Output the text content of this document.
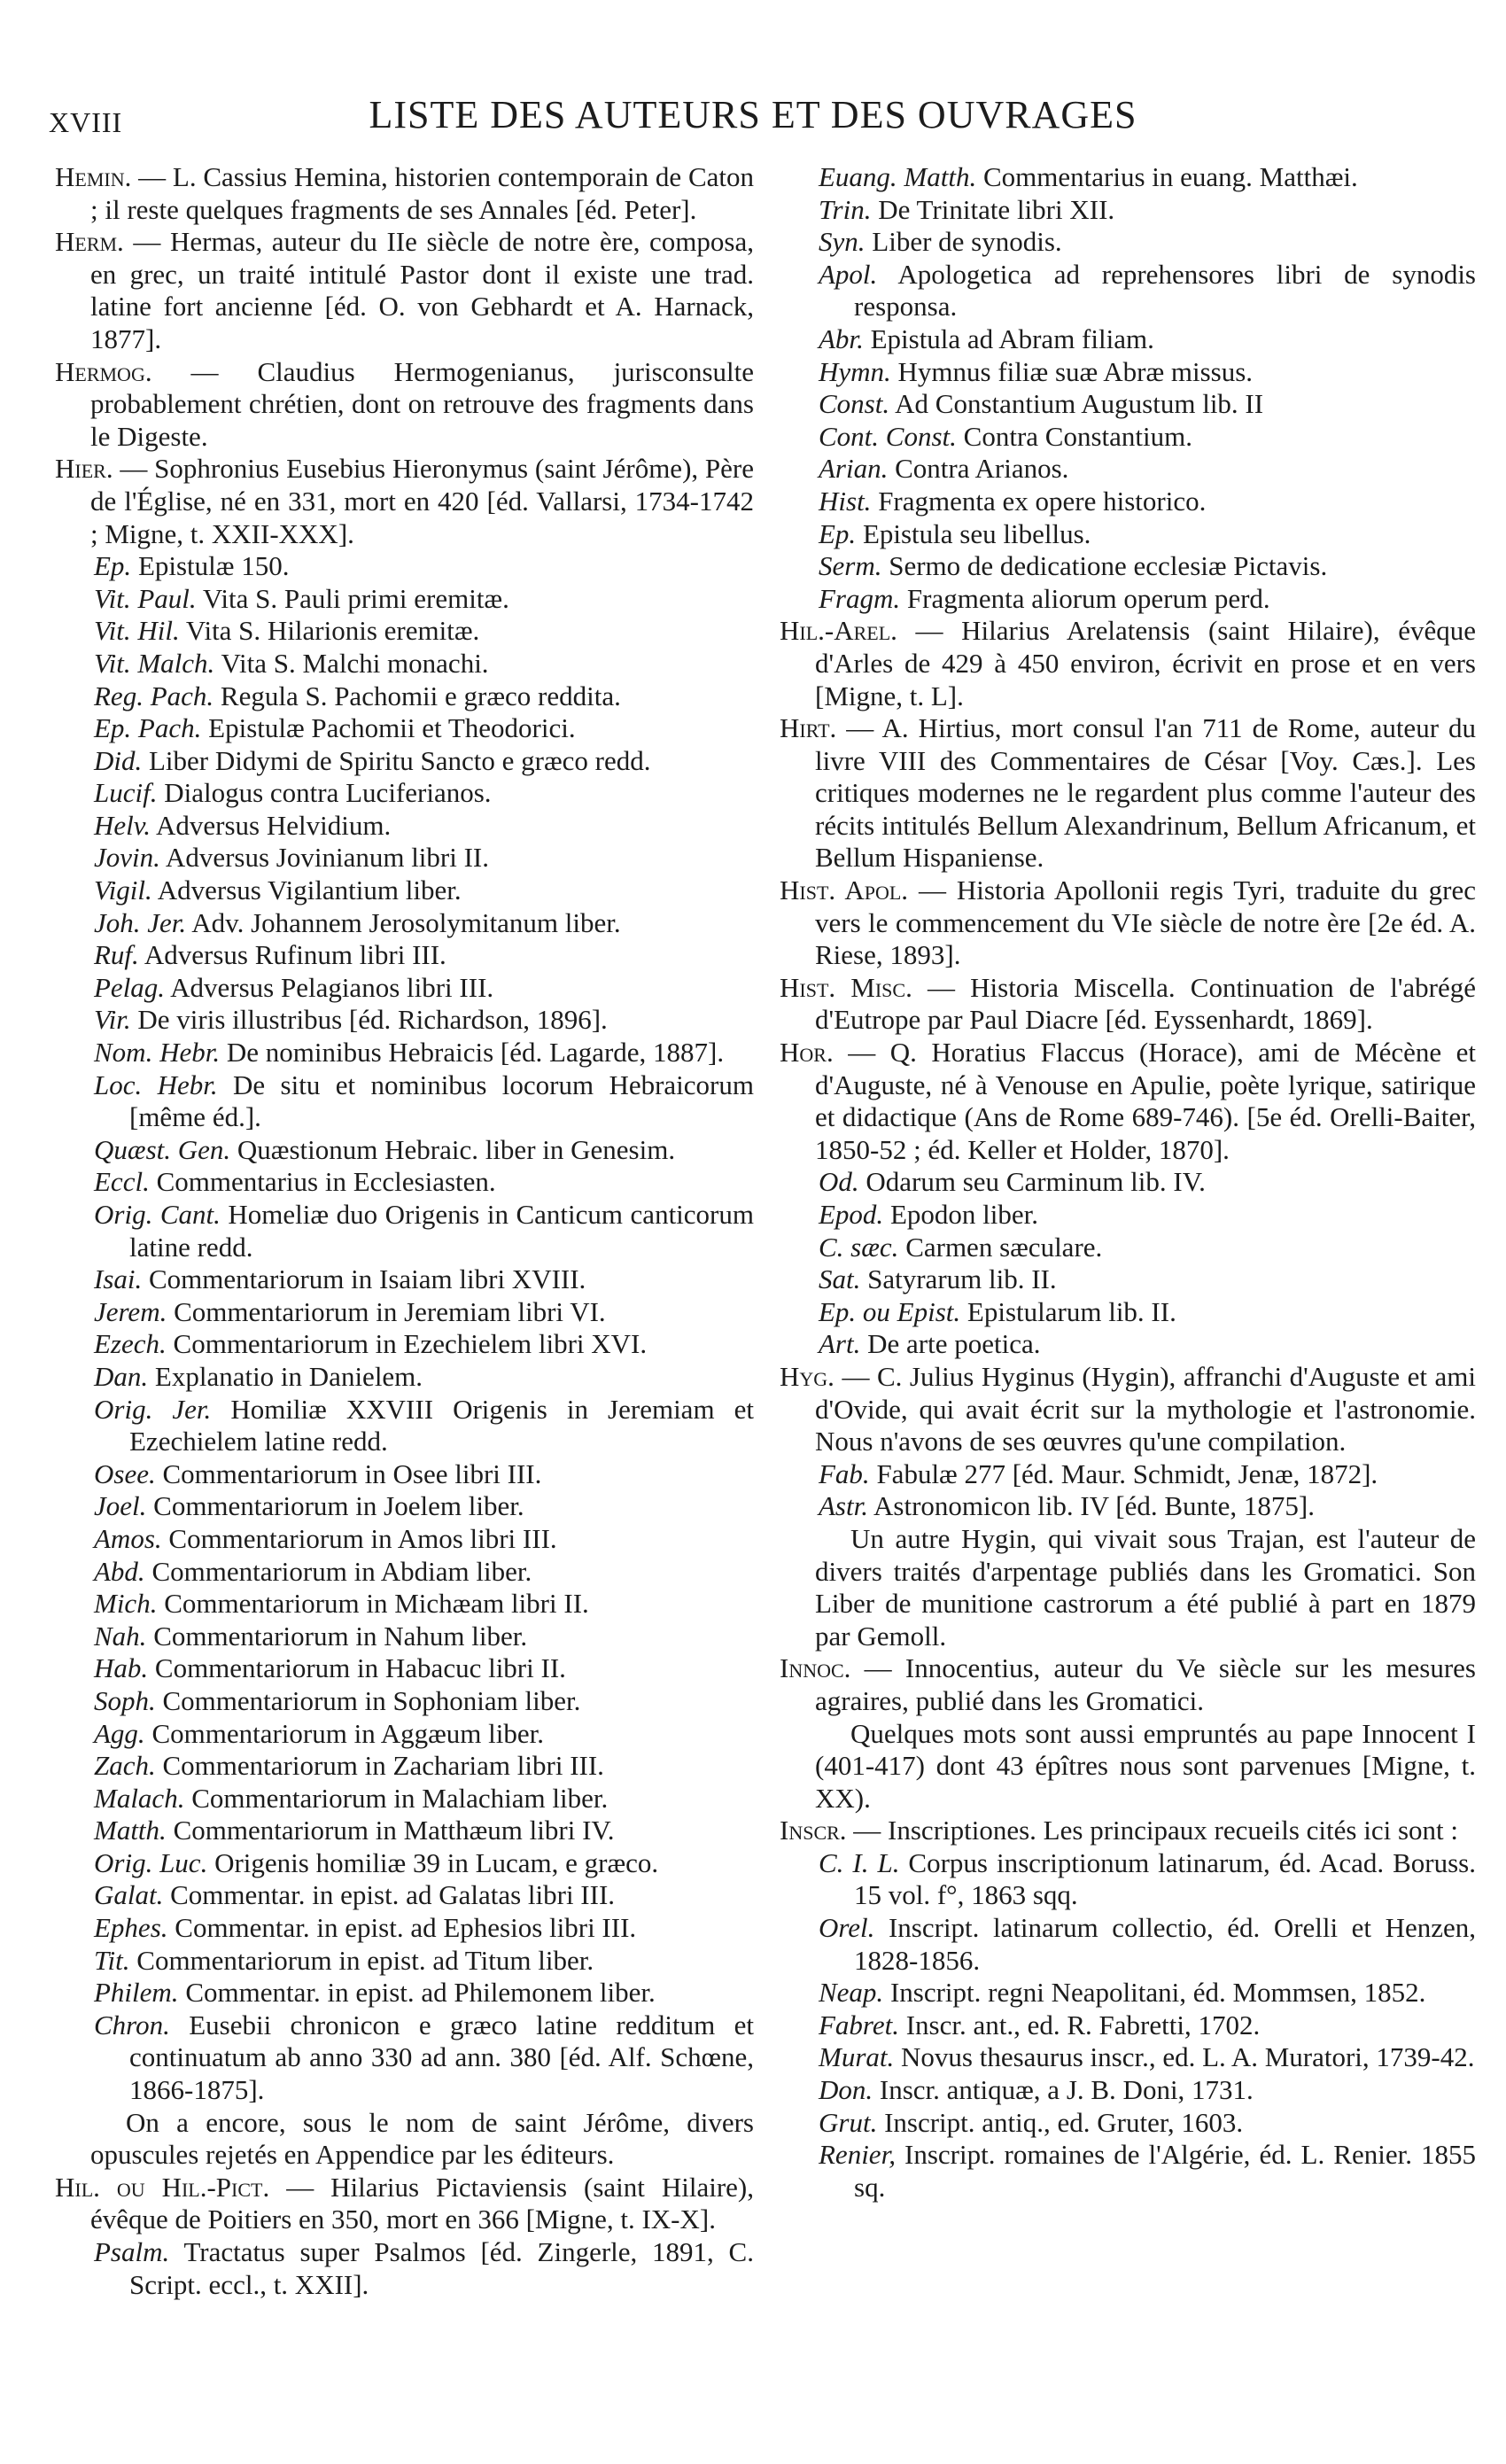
XVIII	LISTE DES AUTEURS ET DES OUVRAGES

Hemin. — L. Cassius Hemina, historien contemporain de Caton ; il reste quelques fragments de ses Annales [éd. Peter].

Herm. — Hermas, auteur du IIe siècle de notre ère, composa, en grec, un traité intitulé Pastor dont il existe une trad. latine fort ancienne [éd. O. von Gebhardt et A. Harnack, 1877].

Hermog. — Claudius Hermogenianus, jurisconsulte probablement chrétien, dont on retrouve des fragments dans le Digeste.

Hier. — Sophronius Eusebius Hieronymus (saint Jérôme), Père de l'Église, né en 331, mort en 420 [éd. Vallarsi, 1734-1742 ; Migne, t. XXII-XXX].

Ep. Epistulæ 150.

Vit. Paul. Vita S. Pauli primi eremitæ.

Vit. Hil. Vita S. Hilarionis eremitæ.

Vit. Malch. Vita S. Malchi monachi.

Reg. Pach. Regula S. Pachomii e græco reddita.

Ep. Pach. Epistulæ Pachomii et Theodorici.

Did. Liber Didymi de Spiritu Sancto e græco redd.

Lucif. Dialogus contra Luciferianos.

Helv. Adversus Helvidium.

Jovin. Adversus Jovinianum libri II.

Vigil. Adversus Vigilantium liber.

Joh. Jer. Adv. Johannem Jerosolymitanum liber.

Ruf. Adversus Rufinum libri III.

Pelag. Adversus Pelagianos libri III.

Vir. De viris illustribus [éd. Richardson, 1896].

Nom. Hebr. De nominibus Hebraicis [éd. Lagarde, 1887].

Loc. Hebr. De situ et nominibus locorum Hebraicorum [même éd.].

Quæst. Gen. Quæstionum Hebraic. liber in Genesim.

Eccl. Commentarius in Ecclesiasten.

Orig. Cant. Homeliæ duo Origenis in Canticum canticorum latine redd.

Isai. Commentariorum in Isaiam libri XVIII.

Jerem. Commentariorum in Jeremiam libri VI.

Ezech. Commentariorum in Ezechielem libri XVI.

Dan. Explanatio in Danielem.

Orig. Jer. Homiliæ XXVIII Origenis in Jeremiam et Ezechielem latine redd.

Osee. Commentariorum in Osee libri III.

Joel. Commentariorum in Joelem liber.

Amos. Commentariorum in Amos libri III.

Abd. Commentariorum in Abdiam liber.

Mich. Commentariorum in Michæam libri II.

Nah. Commentariorum in Nahum liber.

Hab. Commentariorum in Habacuc libri II.

Soph. Commentariorum in Sophoniam liber.

Agg. Commentariorum in Aggæum liber.

Zach. Commentariorum in Zachariam libri III.

Malach. Commentariorum in Malachiam liber.

Matth. Commentariorum in Matthæum libri IV.

Orig. Luc. Origenis homiliæ 39 in Lucam, e græco.

Galat. Commentar. in epist. ad Galatas libri III.

Ephes. Commentar. in epist. ad Ephesios libri III.

Tit. Commentariorum in epist. ad Titum liber.

Philem. Commentar. in epist. ad Philemonem liber.

Chron. Eusebii chronicon e græco latine redditum et continuatum ab anno 330 ad ann. 380 [éd. Alf. Schœne, 1866-1875].

On a encore, sous le nom de saint Jérôme, divers opuscules rejetés en Appendice par les éditeurs.

Hil. ou Hil.-Pict. — Hilarius Pictaviensis (saint Hilaire), évêque de Poitiers en 350, mort en 366 [Migne, t. IX-X].

Psalm. Tractatus super Psalmos [éd. Zingerle, 1891, C. Script. eccl., t. XXII].

Euang. Matth. Commentarius in euang. Matthæi.

Trin. De Trinitate libri XII.

Syn. Liber de synodis.

Apol. Apologetica ad reprehensores libri de synodis responsa.

Abr. Epistula ad Abram filiam.

Hymn. Hymnus filiæ suæ Abræ missus.

Const. Ad Constantium Augustum lib. II

Cont. Const. Contra Constantium.

Arian. Contra Arianos.

Hist. Fragmenta ex opere historico.

Ep. Epistula seu libellus.

Serm. Sermo de dedicatione ecclesiæ Pictavis.

Fragm. Fragmenta aliorum operum perd.

Hil.-Arel. — Hilarius Arelatensis (saint Hilaire), évêque d'Arles de 429 à 450 environ, écrivit en prose et en vers [Migne, t. L].

Hirt. — A. Hirtius, mort consul l'an 711 de Rome, auteur du livre VIII des Commentaires de César [Voy. Cæs.]. Les critiques modernes ne le regardent plus comme l'auteur des récits intitulés Bellum Alexandrinum, Bellum Africanum, et Bellum Hispaniense.

Hist. Apol. — Historia Apollonii regis Tyri, traduite du grec vers le commencement du VIe siècle de notre ère [2e éd. A. Riese, 1893].

Hist. Misc. — Historia Miscella. Continuation de l'abrégé d'Eutrope par Paul Diacre [éd. Eyssenhardt, 1869].

Hor. — Q. Horatius Flaccus (Horace), ami de Mécène et d'Auguste, né à Venouse en Apulie, poète lyrique, satirique et didactique (Ans de Rome 689-746). [5e éd. Orelli-Baiter, 1850-52 ; éd. Keller et Holder, 1870].

Od. Odarum seu Carminum lib. IV.

Epod. Epodon liber.

C. sæc. Carmen sæculare.

Sat. Satyrarum lib. II.

Ep. ou Epist. Epistularum lib. II.

Art. De arte poetica.

Hyg. — C. Julius Hyginus (Hygin), affranchi d'Auguste et ami d'Ovide, qui avait écrit sur la mythologie et l'astronomie. Nous n'avons de ses œuvres qu'une compilation.

Fab. Fabulæ 277 [éd. Maur. Schmidt, Jenæ, 1872].

Astr. Astronomicon lib. IV [éd. Bunte, 1875].

Un autre Hygin, qui vivait sous Trajan, est l'auteur de divers traités d'arpentage publiés dans les Gromatici. Son Liber de munitione castrorum a été publié à part en 1879 par Gemoll.

Innoc. — Innocentius, auteur du Ve siècle sur les mesures agraires, publié dans les Gromatici.

Quelques mots sont aussi empruntés au pape Innocent I (401-417) dont 43 épîtres nous sont parvenues [Migne, t. XX).

Inscr. — Inscriptiones. Les principaux recueils cités ici sont :

C. I. L. Corpus inscriptionum latinarum, éd. Acad. Boruss. 15 vol. f°, 1863 sqq.

Orel. Inscript. latinarum collectio, éd. Orelli et Henzen, 1828-1856.

Neap. Inscript. regni Neapolitani, éd. Mommsen, 1852.

Fabret. Inscr. ant., ed. R. Fabretti, 1702.

Murat. Novus thesaurus inscr., ed. L. A. Muratori, 1739-42.

Don. Inscr. antiquæ, a J. B. Doni, 1731.

Grut. Inscript. antiq., ed. Gruter, 1603.

Renier, Inscript. romaines de l'Algérie, éd. L. Renier. 1855 sq.
